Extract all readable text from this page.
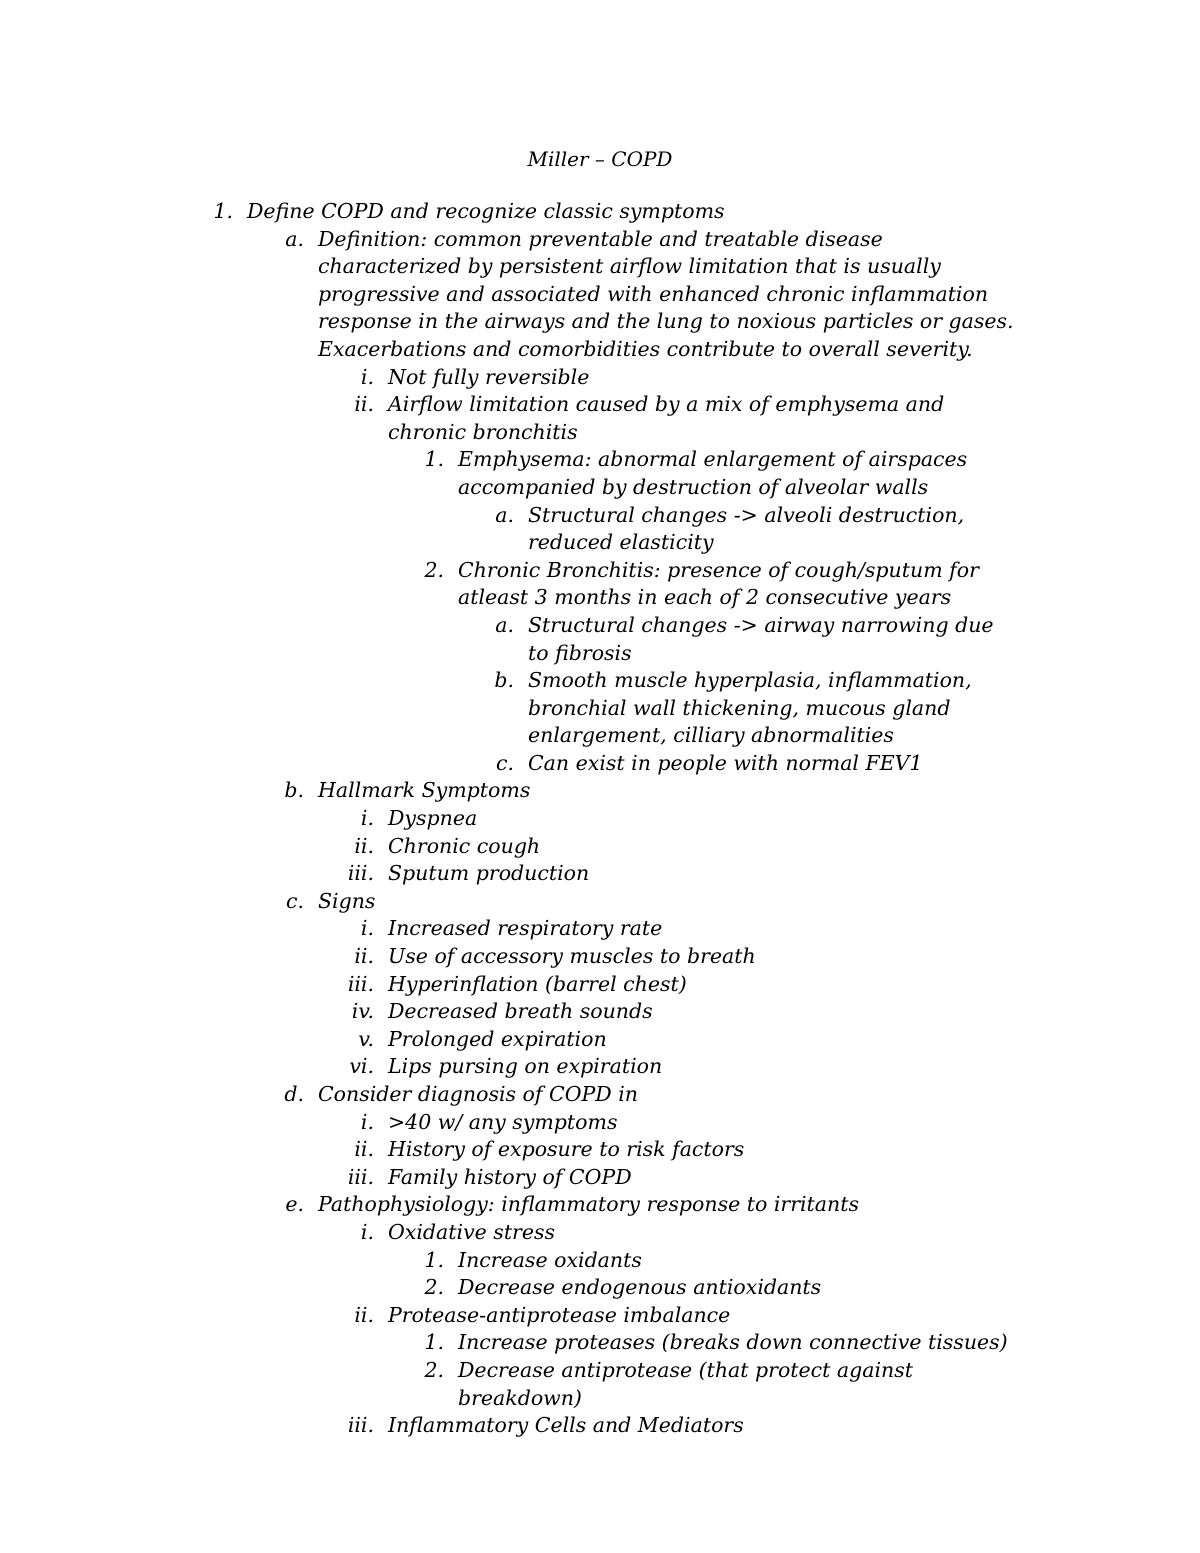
Miller – COPD
1. Define COPD and recognize classic symptoms
a. Definition: common preventable and treatable disease characterized by persistent airflow limitation that is usually progressive and associated with enhanced chronic inflammation response in the airways and the lung to noxious particles or gases. Exacerbations and comorbidities contribute to overall severity.
i. Not fully reversible
ii. Airflow limitation caused by a mix of emphysema and chronic bronchitis
1. Emphysema: abnormal enlargement of airspaces accompanied by destruction of alveolar walls
a. Structural changes -> alveoli destruction, reduced elasticity
2. Chronic Bronchitis: presence of cough/sputum for atleast 3 months in each of 2 consecutive years
a. Structural changes -> airway narrowing due to fibrosis
b. Smooth muscle hyperplasia, inflammation, bronchial wall thickening, mucous gland enlargement, cilliary abnormalities
c. Can exist in people with normal FEV1
b. Hallmark Symptoms
i. Dyspnea
ii. Chronic cough
iii. Sputum production
c. Signs
i. Increased respiratory rate
ii. Use of accessory muscles to breath
iii. Hyperinflation (barrel chest)
iv. Decreased breath sounds
v. Prolonged expiration
vi. Lips pursing on expiration
d. Consider diagnosis of COPD in
i. >40 w/ any symptoms
ii. History of exposure to risk factors
iii. Family history of COPD
e. Pathophysiology: inflammatory response to irritants
i. Oxidative stress
1. Increase oxidants
2. Decrease endogenous antioxidants
ii. Protease-antiprotease imbalance
1. Increase proteases (breaks down connective tissues)
2. Decrease antiprotease (that protect against breakdown)
iii. Inflammatory Cells and Mediators
